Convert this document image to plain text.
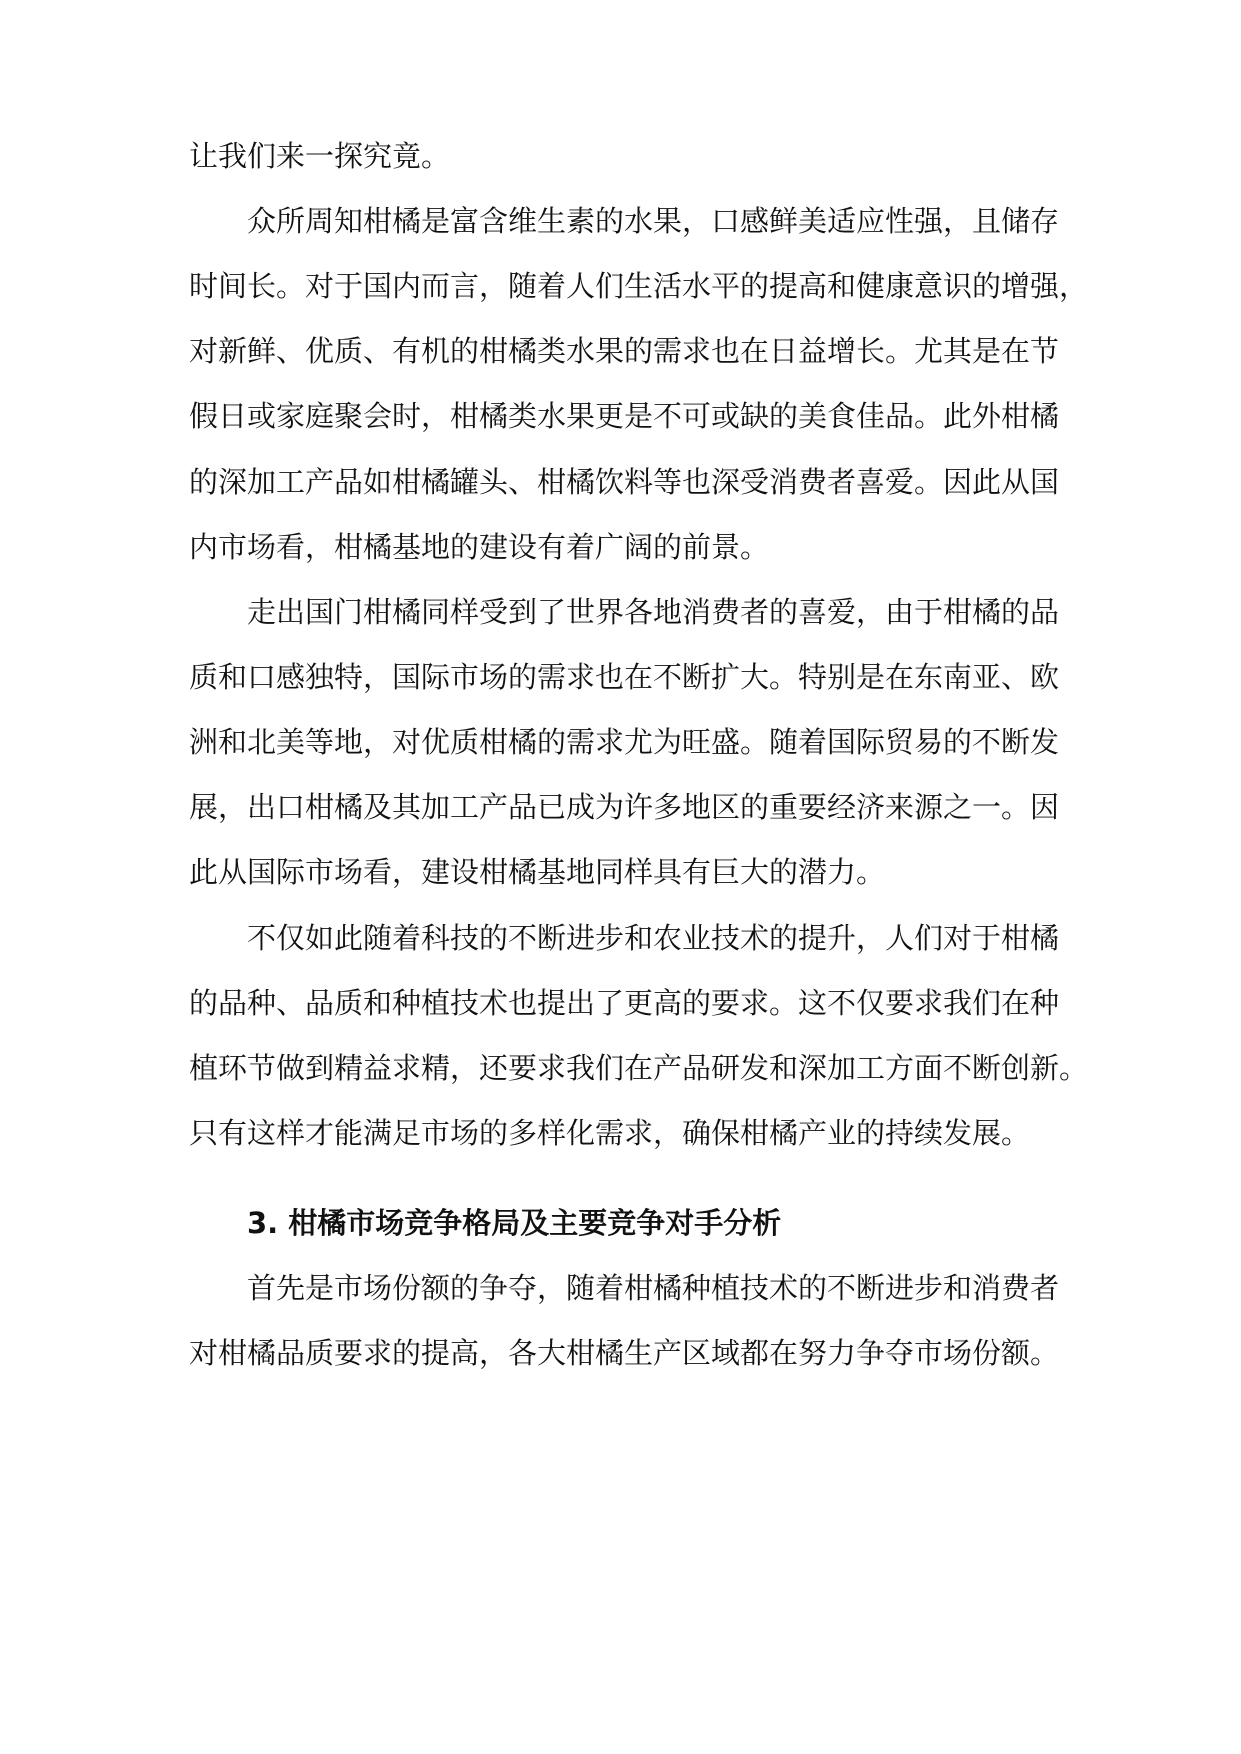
让我们来一探究竟。
众所周知柑橘是富含维生素的水果，口感鲜美适应性强，且储存
时间长。对于国内而言，随着人们生活水平的提高和健康意识的增强，
对新鲜、优质、有机的柑橘类水果的需求也在日益增长。尤其是在节
假日或家庭聚会时，柑橘类水果更是不可或缺的美食佳品。此外柑橘
的深加工产品如柑橘罐头、柑橘饮料等也深受消费者喜爱。因此从国
内市场看，柑橘基地的建设有着广阔的前景。
走出国门柑橘同样受到了世界各地消费者的喜爱，由于柑橘的品
质和口感独特，国际市场的需求也在不断扩大。特别是在东南亚、欧
洲和北美等地，对优质柑橘的需求尤为旺盛。随着国际贸易的不断发
展，出口柑橘及其加工产品已成为许多地区的重要经济来源之一。因
此从国际市场看，建设柑橘基地同样具有巨大的潜力。
不仅如此随着科技的不断进步和农业技术的提升，人们对于柑橘
的品种、品质和种植技术也提出了更高的要求。这不仅要求我们在种
植环节做到精益求精，还要求我们在产品研发和深加工方面不断创新。
只有这样才能满足市场的多样化需求，确保柑橘产业的持续发展。
3. 柑橘市场竞争格局及主要竞争对手分析
首先是市场份额的争夺，随着柑橘种植技术的不断进步和消费者
对柑橘品质要求的提高，各大柑橘生产区域都在努力争夺市场份额。
